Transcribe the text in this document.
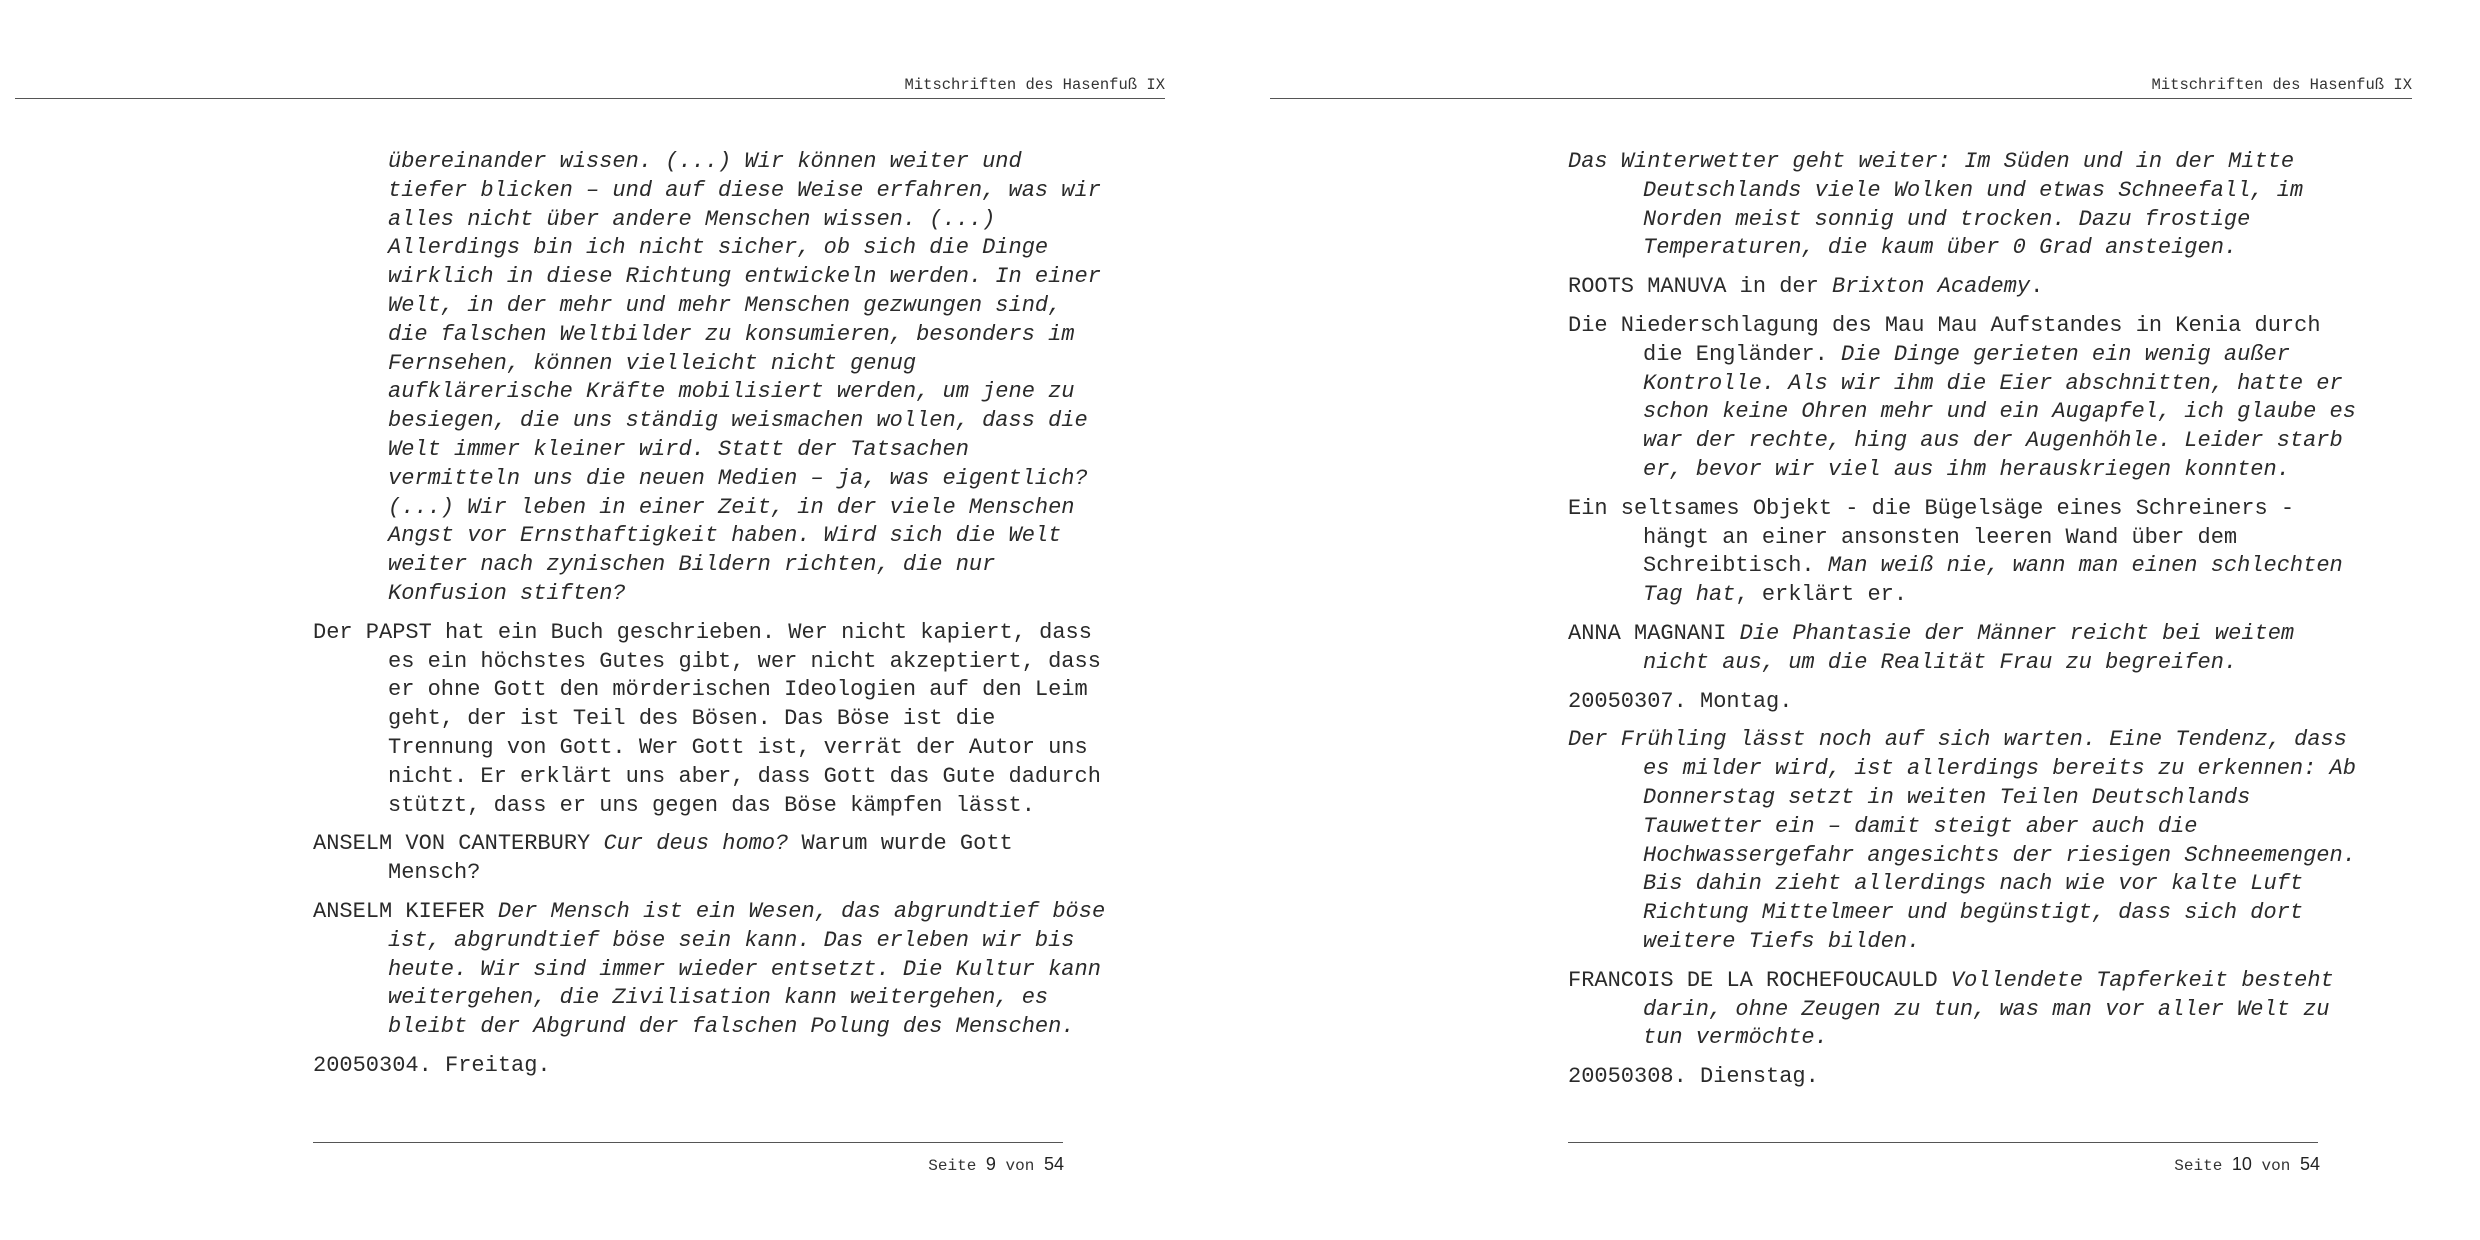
Mitschriften des Hasenfuß IX

übereinander wissen. (...) Wir können weiter und tiefer blicken – und auf diese Weise erfahren, was wir alles nicht über andere Menschen wissen. (...) Allerdings bin ich nicht sicher, ob sich die Dinge wirklich in diese Richtung entwickeln werden. In einer Welt, in der mehr und mehr Menschen gezwungen sind, die falschen Weltbilder zu konsumieren, besonders im Fernsehen, können vielleicht nicht genug aufklärerische Kräfte mobilisiert werden, um jene zu besiegen, die uns ständig weismachen wollen, dass die Welt immer kleiner wird. Statt der Tatsachen vermitteln uns die neuen Medien – ja, was eigentlich? (...) Wir leben in einer Zeit, in der viele Menschen Angst vor Ernsthaftigkeit haben. Wird sich die Welt weiter nach zynischen Bildern richten, die nur Konfusion stiften?

Der PAPST hat ein Buch geschrieben. Wer nicht kapiert, dass es ein höchstes Gutes gibt, wer nicht akzeptiert, dass er ohne Gott den mörderischen Ideologien auf den Leim geht, der ist Teil des Bösen. Das Böse ist die Trennung von Gott. Wer Gott ist, verrät der Autor uns nicht. Er erklärt uns aber, dass Gott das Gute dadurch stützt, dass er uns gegen das Böse kämpfen lässt.

ANSELM VON CANTERBURY Cur deus homo? Warum wurde Gott Mensch?

ANSELM KIEFER Der Mensch ist ein Wesen, das abgrundtief böse ist, abgrundtief böse sein kann. Das erleben wir bis heute. Wir sind immer wieder entsetzt. Die Kultur kann weitergehen, die Zivilisation kann weitergehen, es bleibt der Abgrund der falschen Polung des Menschen.

20050304. Freitag.

Seite 9 von 54
Mitschriften des Hasenfuß IX

Das Winterwetter geht weiter: Im Süden und in der Mitte Deutschlands viele Wolken und etwas Schneefall, im Norden meist sonnig und trocken. Dazu frostige Temperaturen, die kaum über 0 Grad ansteigen.

ROOTS MANUVA in der Brixton Academy.

Die Niederschlagung des Mau Mau Aufstandes in Kenia durch die Engländer. Die Dinge gerieten ein wenig außer Kontrolle. Als wir ihm die Eier abschnitten, hatte er schon keine Ohren mehr und ein Augapfel, ich glaube es war der rechte, hing aus der Augenhöhle. Leider starb er, bevor wir viel aus ihm herauskriegen konnten.

Ein seltsames Objekt - die Bügelsäge eines Schreiners - hängt an einer ansonsten leeren Wand über dem Schreibtisch. Man weiß nie, wann man einen schlechten Tag hat, erklärt er.

ANNA MAGNANI Die Phantasie der Männer reicht bei weitem nicht aus, um die Realität Frau zu begreifen.

20050307. Montag.

Der Frühling lässt noch auf sich warten. Eine Tendenz, dass es milder wird, ist allerdings bereits zu erkennen: Ab Donnerstag setzt in weiten Teilen Deutschlands Tauwetter ein – damit steigt aber auch die Hochwassergefahr angesichts der riesigen Schneemengen. Bis dahin zieht allerdings nach wie vor kalte Luft Richtung Mittelmeer und begünstigt, dass sich dort weitere Tiefs bilden.

FRANCOIS DE LA ROCHEFOUCAULD Vollendete Tapferkeit besteht darin, ohne Zeugen zu tun, was man vor aller Welt zu tun vermöchte.

20050308. Dienstag.

Seite 10 von 54
